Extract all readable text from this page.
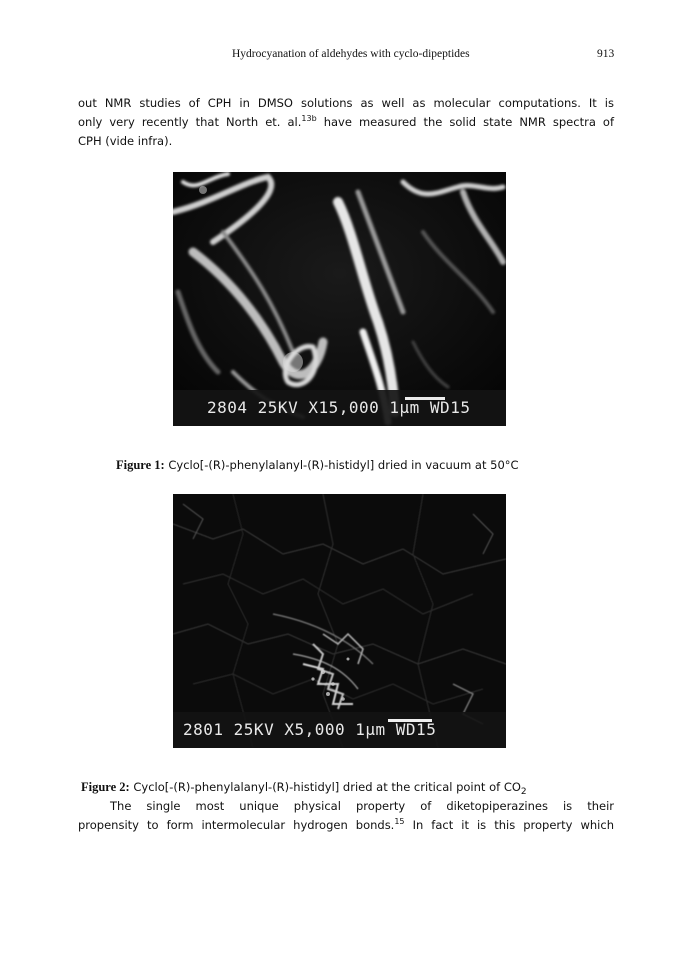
Hydrocyanation of aldehydes with cyclo-dipeptides	913
out NMR studies of CPH in DMSO solutions as well as molecular computations. It is
only very recently that North et. al.$^{13b}$ have measured the solid state NMR spectra of
CPH (vide infra).
2804 25KV X15,000 1μm WD15
Figure 1: Cyclo[-(R)-phenylalanyl-(R)-histidyl] dried in vacuum at 50°C
2801 25KV X5,000 1μm WD15
Figure 2: Cyclo[-(R)-phenylalanyl-(R)-histidyl] dried at the critical point of $CO_2$
The single most unique physical property of diketopiperazines is their
propensity to form intermolecular hydrogen bonds.$^{15}$ In fact it is this property which
